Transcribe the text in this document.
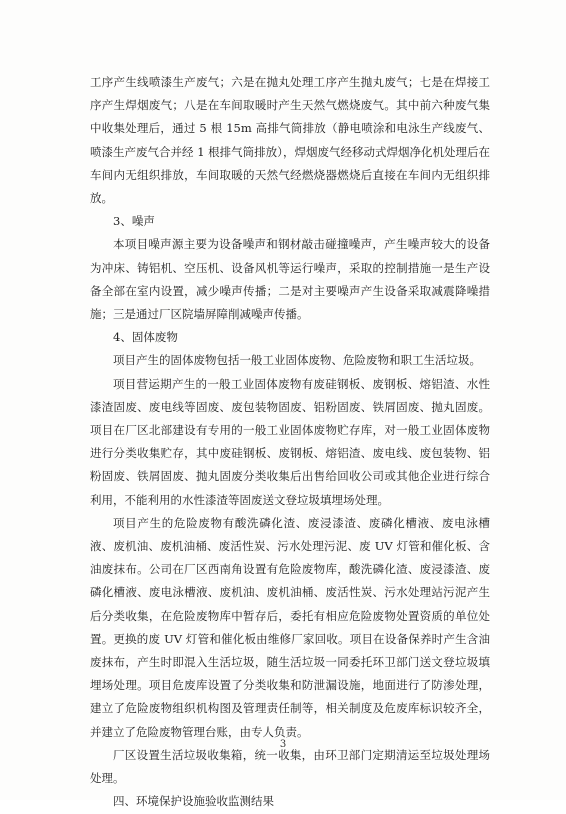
工序产生线喷漆生产废气；六是在抛丸处理工序产生抛丸废气；七是在焊接工序产生焊烟废气；八是在车间取暖时产生天然气燃烧废气。其中前六种废气集中收集处理后，通过 5 根 15m 高排气筒排放（静电喷涂和电泳生产线废气、喷漆生产废气合并经 1 根排气筒排放），焊烟废气经移动式焊烟净化机处理后在车间内无组织排放，车间取暖的天然气经燃烧器燃烧后直接在车间内无组织排放。

3、噪声

本项目噪声源主要为设备噪声和钢材敲击碰撞噪声，产生噪声较大的设备为冲床、铸铝机、空压机、设备风机等运行噪声，采取的控制措施一是生产设备全部在室内设置，减少噪声传播；二是对主要噪声产生设备采取减震降噪措施；三是通过厂区院墙屏障削减噪声传播。

4、固体废物

项目产生的固体废物包括一般工业固体废物、危险废物和职工生活垃圾。

项目营运期产生的一般工业固体废物有废硅钢板、废钢板、熔铝渣、水性漆渣固废、废电线等固废、废包装物固废、铝粉固废、铁屑固废、抛丸固废。项目在厂区北部建设有专用的一般工业固体废物贮存库，对一般工业固体废物进行分类收集贮存，其中废硅钢板、废钢板、熔铝渣、废电线、废包装物、铝粉固废、铁屑固废、抛丸固废分类收集后出售给回收公司或其他企业进行综合利用，不能利用的水性漆渣等固废送文登垃圾填埋场处理。

项目产生的危险废物有酸洗磷化渣、废浸漆渣、废磷化槽液、废电泳槽液、废机油、废机油桶、废活性炭、污水处理污泥、废 UV 灯管和催化板、含油废抹布。公司在厂区西南角设置有危险废物库，酸洗磷化渣、废浸漆渣、废磷化槽液、废电泳槽液、废机油、废机油桶、废活性炭、污水处理站污泥产生后分类收集，在危险废物库中暂存后，委托有相应危险废物处置资质的单位处置。更换的废 UV 灯管和催化板由维修厂家回收。项目在设备保养时产生含油废抹布，产生时即混入生活垃圾，随生活垃圾一同委托环卫部门送文登垃圾填埋场处理。项目危废库设置了分类收集和防泄漏设施，地面进行了防渗处理，建立了危险废物组织机构图及管理责任制等，相关制度及危废库标识较齐全，并建立了危险废物管理台账，由专人负责。

厂区设置生活垃圾收集箱，统一收集，由环卫部门定期清运至垃圾处理场处理。

四、环境保护设施验收监测结果

3
